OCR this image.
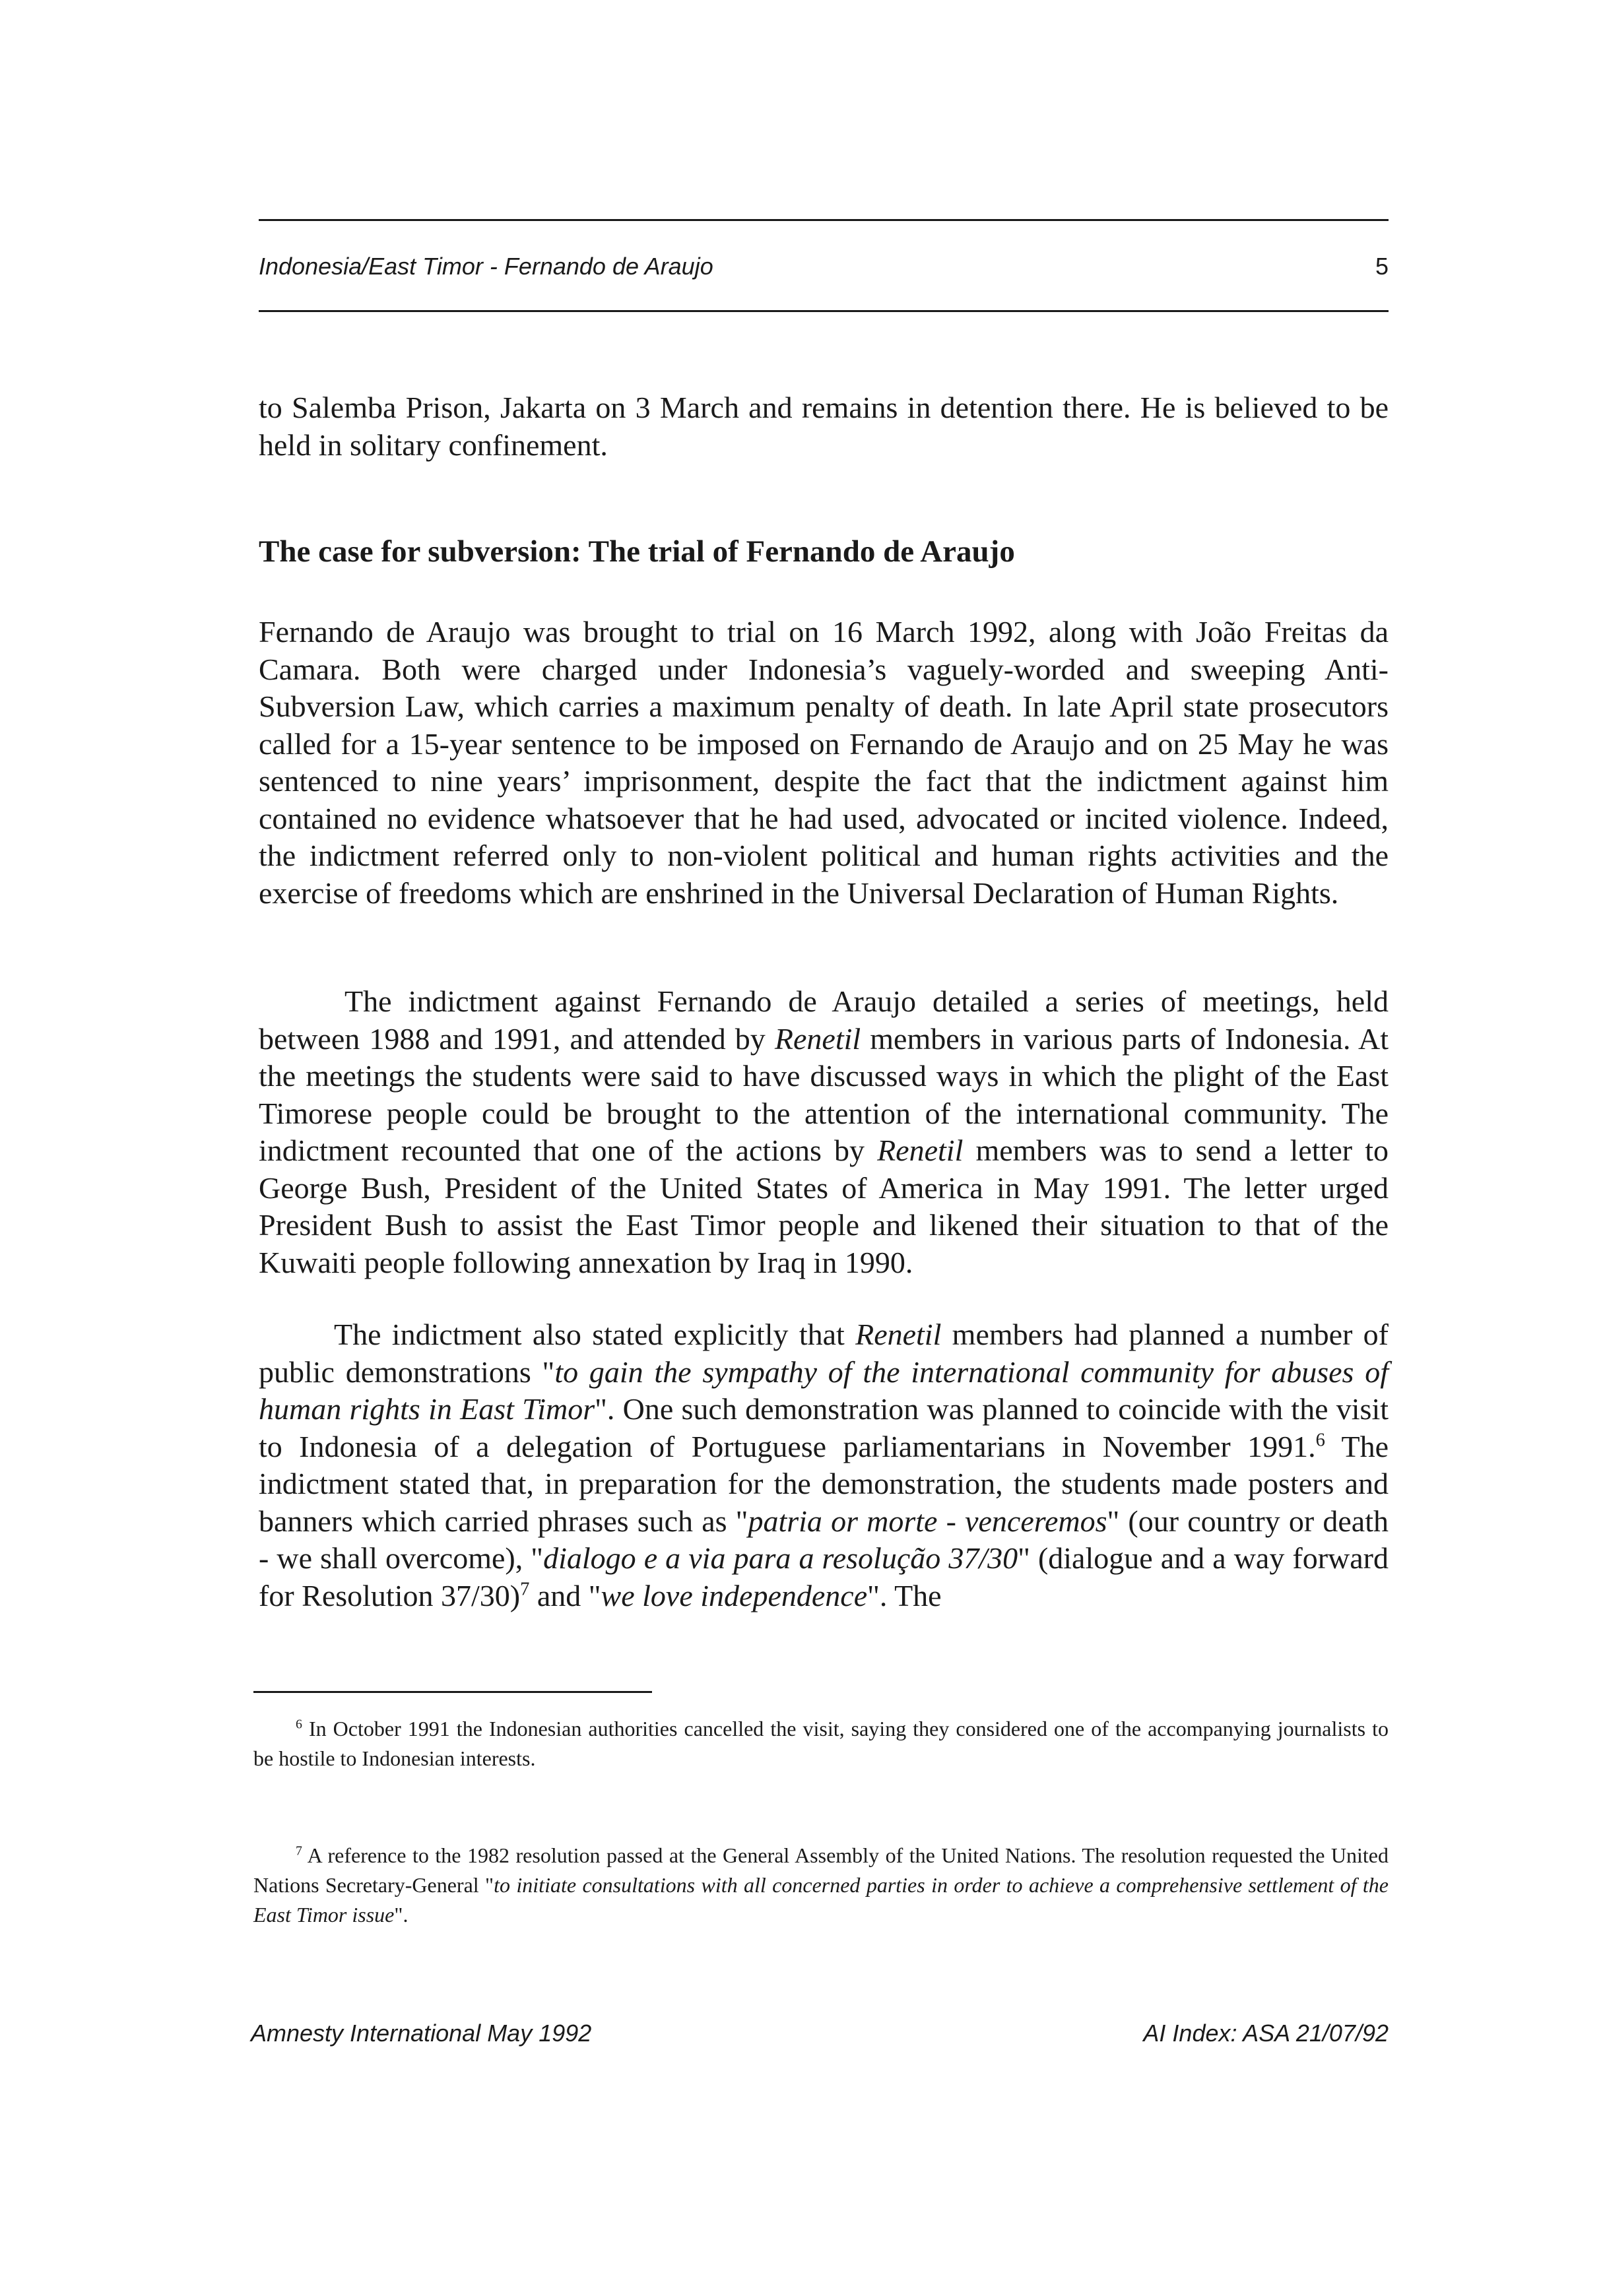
Indonesia/East Timor - Fernando de Araujo	5

to Salemba Prison, Jakarta on 3 March and remains in detention there. He is believed to be held in solitary confinement.

The case for subversion: The trial of Fernando de Araujo

Fernando de Araujo was brought to trial on 16 March 1992, along with João Freitas da Camara. Both were charged under Indonesia’s vaguely-worded and sweeping Anti-Subversion Law, which carries a maximum penalty of death. In late April state prosecutors called for a 15-year sentence to be imposed on Fernando de Araujo and on 25 May he was sentenced to nine years’ imprisonment, despite the fact that the indictment against him contained no evidence whatsoever that he had used, advocated or incited violence. Indeed, the indictment referred only to non-violent political and human rights activities and the exercise of freedoms which are enshrined in the Universal Declaration of Human Rights.

The indictment against Fernando de Araujo detailed a series of meetings, held between 1988 and 1991, and attended by Renetil members in various parts of Indonesia. At the meetings the students were said to have discussed ways in which the plight of the East Timorese people could be brought to the attention of the international community. The indictment recounted that one of the actions by Renetil members was to send a letter to George Bush, President of the United States of America in May 1991. The letter urged President Bush to assist the East Timor people and likened their situation to that of the Kuwaiti people following annexation by Iraq in 1990.

The indictment also stated explicitly that Renetil members had planned a number of public demonstrations "to gain the sympathy of the international community for abuses of human rights in East Timor". One such demonstration was planned to coincide with the visit to Indonesia of a delegation of Portuguese parliamentarians in November 1991.$^6$ The indictment stated that, in preparation for the demonstration, the students made posters and banners which carried phrases such as "patria or morte - venceremos" (our country or death - we shall overcome), "dialogo e a via para a resolução 37/30" (dialogue and a way forward for Resolution 37/30)$^7$ and "we love independence". The

$^6$ In October 1991 the Indonesian authorities cancelled the visit, saying they considered one of the accompanying journalists to be hostile to Indonesian interests.

$^7$ A reference to the 1982 resolution passed at the General Assembly of the United Nations. The resolution requested the United Nations Secretary-General "to initiate consultations with all concerned parties in order to achieve a comprehensive settlement of the East Timor issue".

Amnesty International May 1992	AI Index: ASA 21/07/92
